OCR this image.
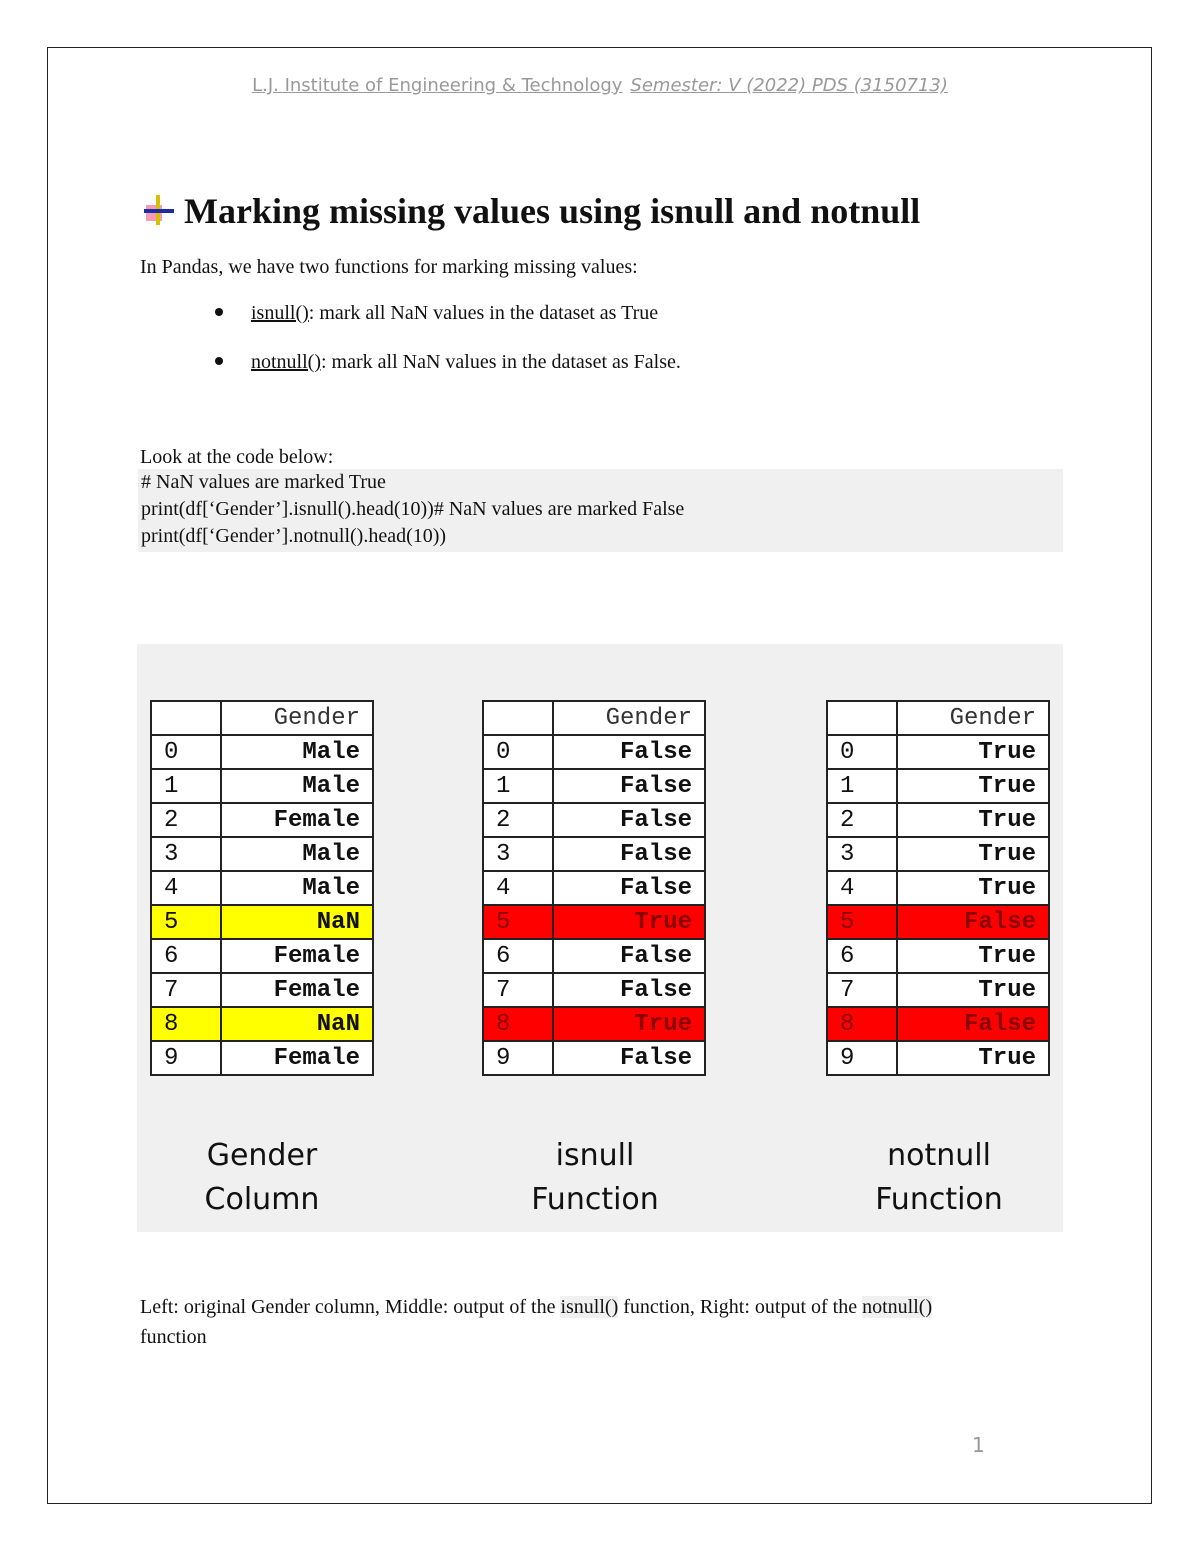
L.J. Institute of Engineering & Technology Semester: V (2022) PDS (3150713)
Marking missing values using isnull and notnull
In Pandas, we have two functions for marking missing values:
isnull(): mark all NaN values in the dataset as True
notnull(): mark all NaN values in the dataset as False.
Look at the code below:
# NaN values are marked True
print(df[‘Gender’].isnull().head(10))# NaN values are marked False
print(df[‘Gender’].notnull().head(10))
	Gender
0	Male
1	Male
2	Female
3	Male
4	Male
5	NaN
6	Female
7	Female
8	NaN
9	Female
	Gender
0	False
1	False
2	False
3	False
4	False
5	True
6	False
7	False
8	True
9	False
	Gender
0	True
1	True
2	True
3	True
4	True
5	False
6	True
7	True
8	False
9	True
Gender
Column
isnull
Function
notnull
Function
Left: original Gender column, Middle: output of the isnull() function, Right: output of the notnull() function
1
